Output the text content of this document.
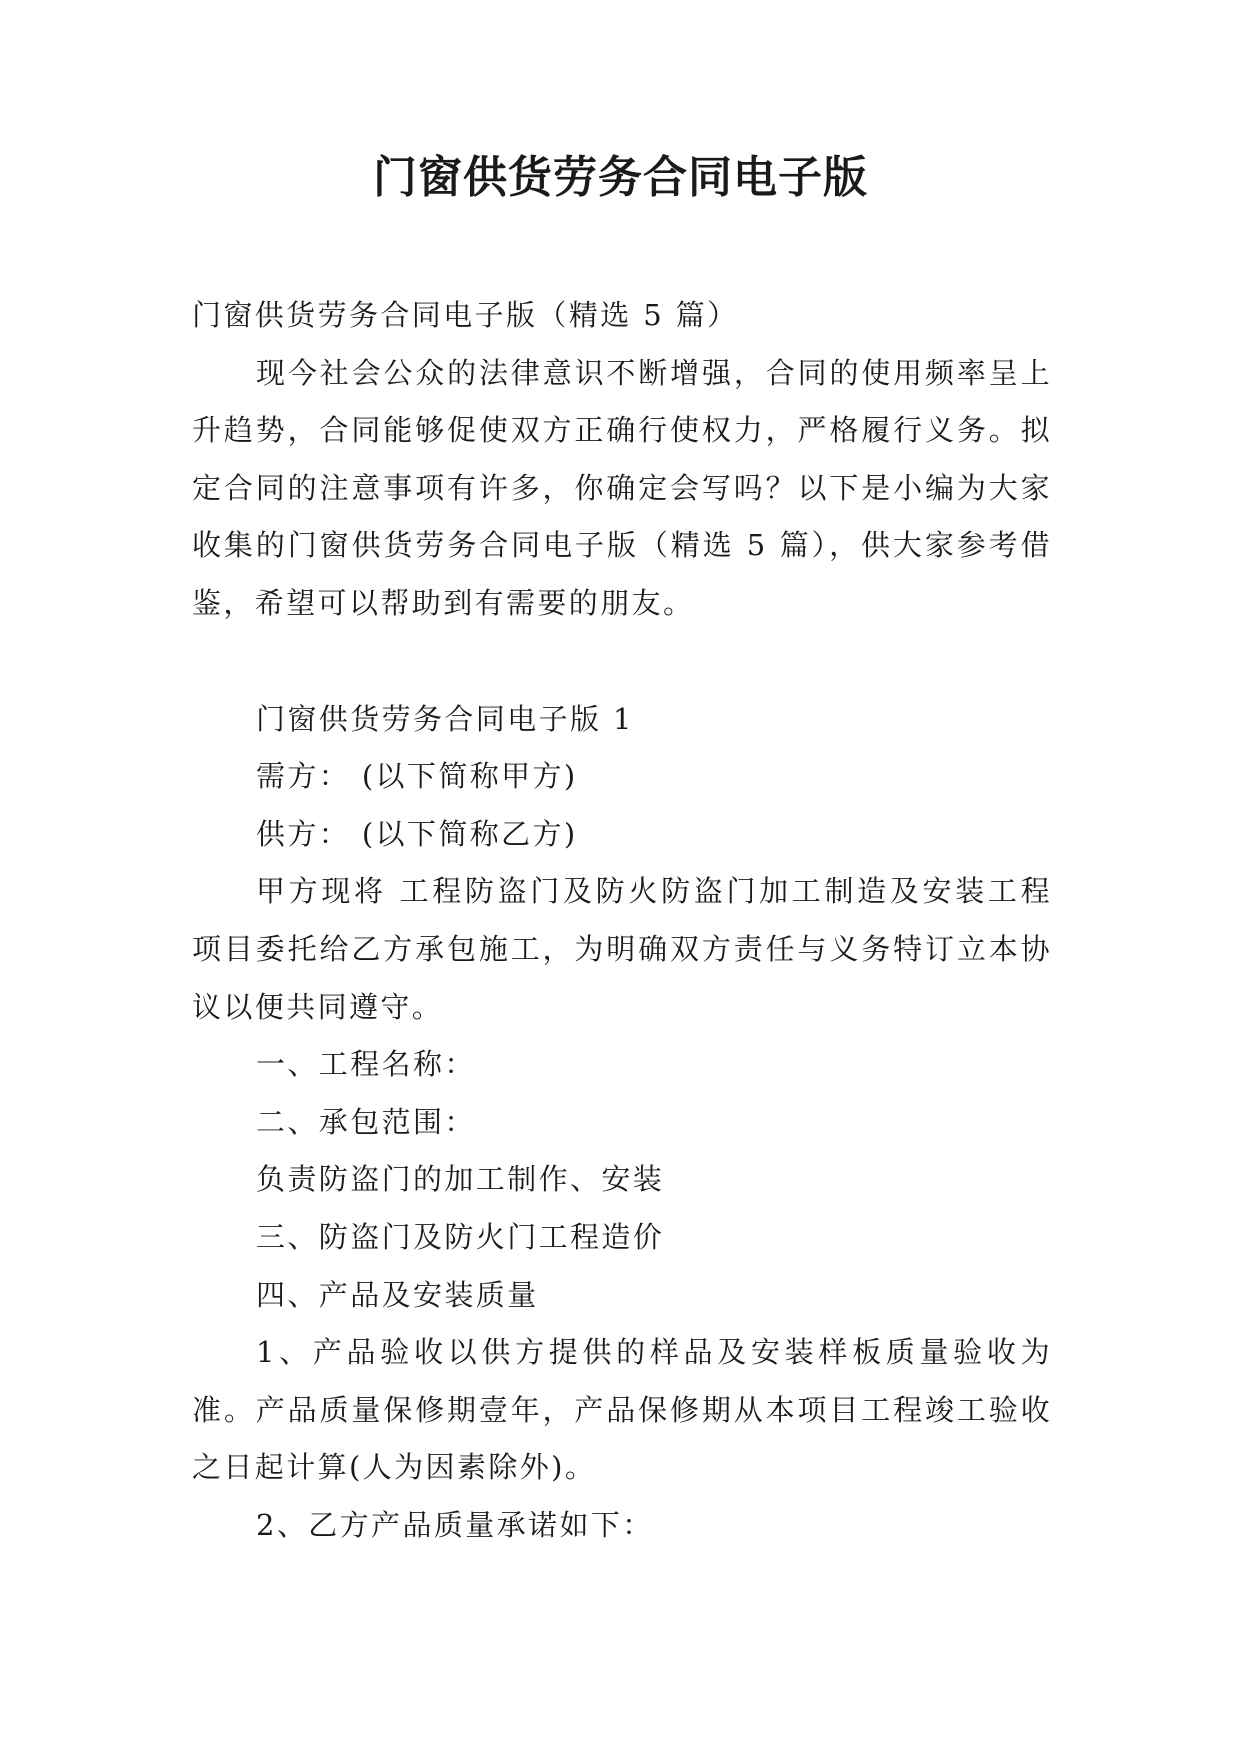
门窗供货劳务合同电子版

门窗供货劳务合同电子版（精选 5 篇）

现今社会公众的法律意识不断增强，合同的使用频率呈上升趋势，合同能够促使双方正确行使权力，严格履行义务。拟定合同的注意事项有许多，你确定会写吗？以下是小编为大家收集的门窗供货劳务合同电子版（精选 5 篇），供大家参考借鉴，希望可以帮助到有需要的朋友。

门窗供货劳务合同电子版 1

需方： (以下简称甲方)

供方： (以下简称乙方)

甲方现将 工程防盗门及防火防盗门加工制造及安装工程项目委托给乙方承包施工，为明确双方责任与义务特订立本协议以便共同遵守。

一、工程名称：

二、承包范围：

负责防盗门的加工制作、安装

三、防盗门及防火门工程造价

四、产品及安装质量

1、产品验收以供方提供的样品及安装样板质量验收为准。产品质量保修期壹年，产品保修期从本项目工程竣工验收之日起计算(人为因素除外)。

2、乙方产品质量承诺如下：
